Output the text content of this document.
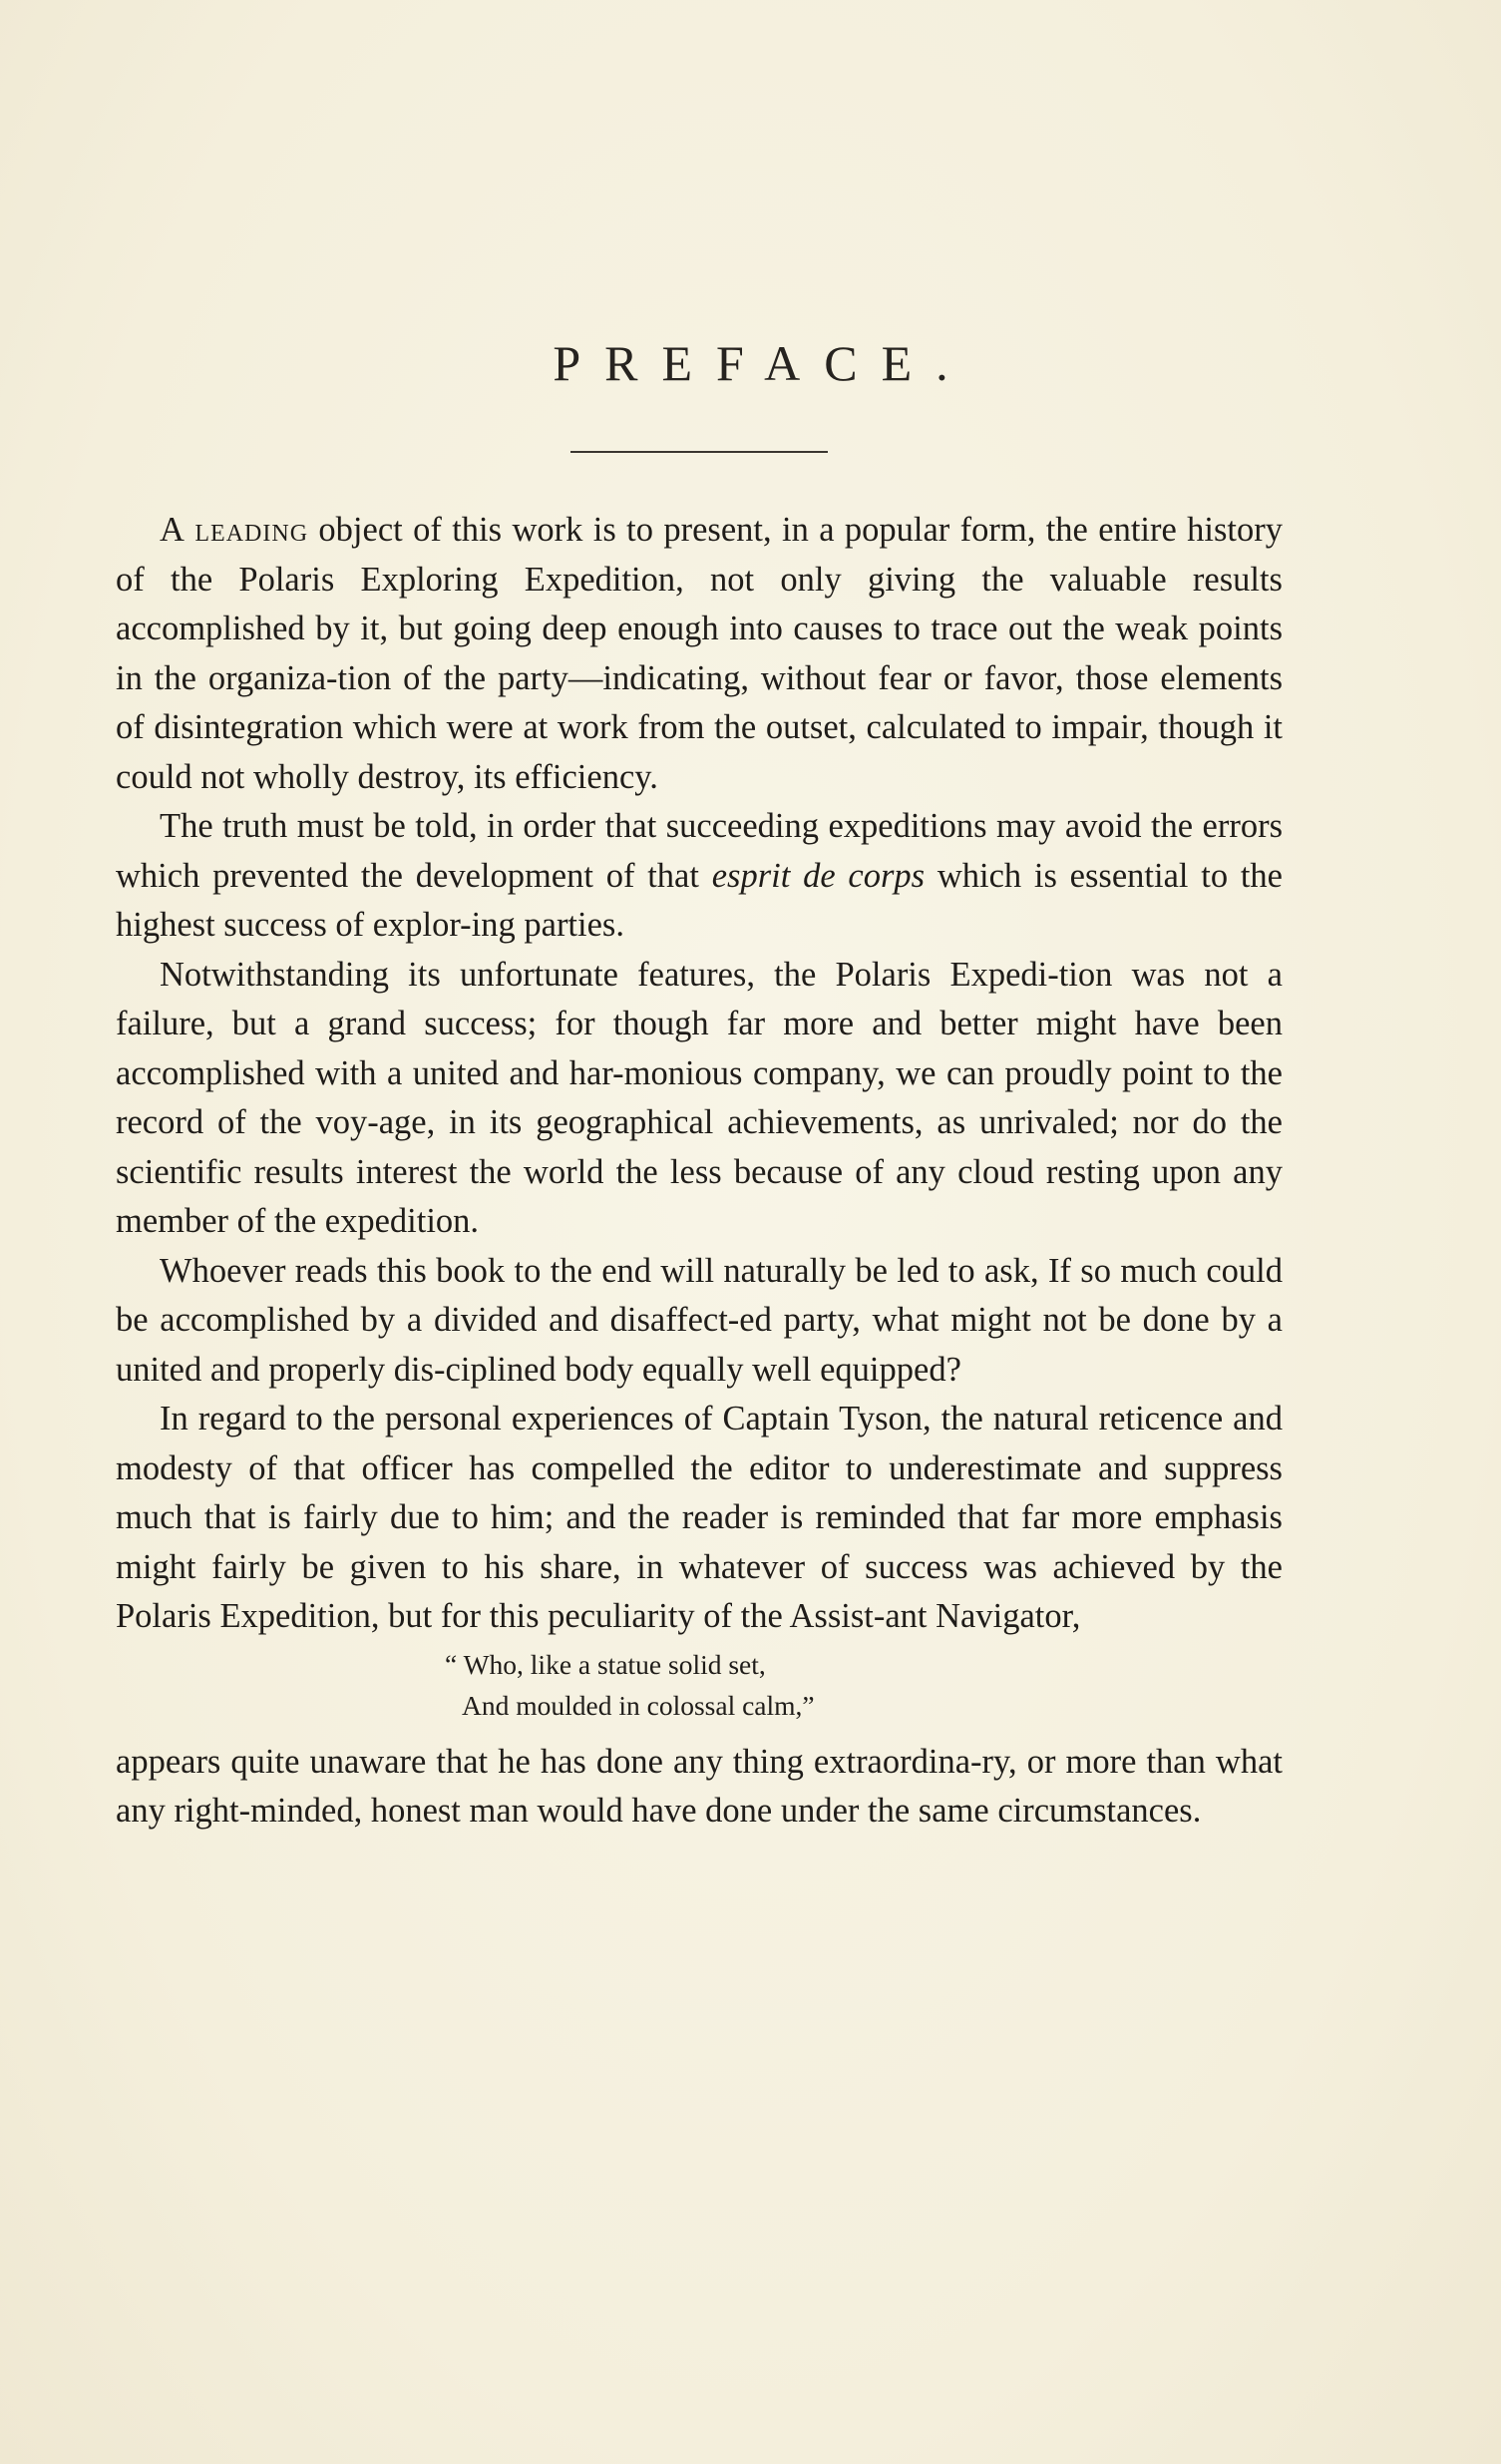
PREFACE.

A leading object of this work is to present, in a popular form, the entire history of the Polaris Exploring Expedition, not only giving the valuable results accomplished by it, but going deep enough into causes to trace out the weak points in the organiza-tion of the party—indicating, without fear or favor, those elements of disintegration which were at work from the outset, calculated to impair, though it could not wholly destroy, its efficiency.

The truth must be told, in order that succeeding expeditions may avoid the errors which prevented the development of that esprit de corps which is essential to the highest success of explor-ing parties.

Notwithstanding its unfortunate features, the Polaris Expedi-tion was not a failure, but a grand success; for though far more and better might have been accomplished with a united and har-monious company, we can proudly point to the record of the voy-age, in its geographical achievements, as unrivaled; nor do the scientific results interest the world the less because of any cloud resting upon any member of the expedition.

Whoever reads this book to the end will naturally be led to ask, If so much could be accomplished by a divided and disaffect-ed party, what might not be done by a united and properly dis-ciplined body equally well equipped?

In regard to the personal experiences of Captain Tyson, the natural reticence and modesty of that officer has compelled the editor to underestimate and suppress much that is fairly due to him; and the reader is reminded that far more emphasis might fairly be given to his share, in whatever of success was achieved by the Polaris Expedition, but for this peculiarity of the Assist-ant Navigator,

“ Who, like a statue solid set,
And moulded in colossal calm,”

appears quite unaware that he has done any thing extraordina-ry, or more than what any right-minded, honest man would have done under the same circumstances.
